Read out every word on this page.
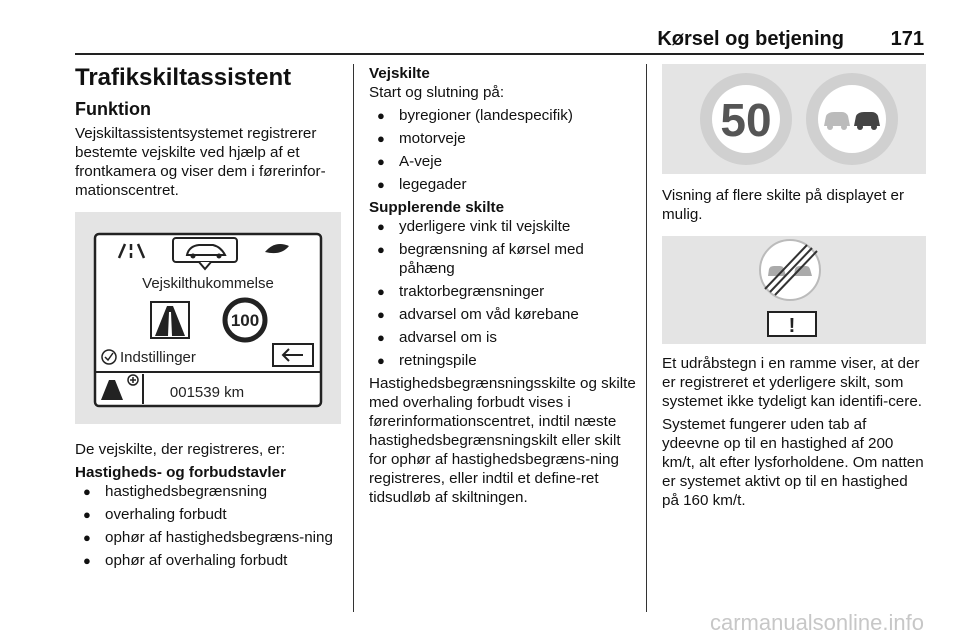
Kørsel og betjening 171
Trafikskiltassistent
Funktion

Vejskiltassistentsystemet registrerer bestemte vejskilte ved hjælp af et frontkamera og viser dem i førerinfor-mationscentret.

Vejskilthukommelse
100
Indstillinger
001539 km

De vejskilte, der registreres, er:

Hastigheds- og forbudstavler
● hastighedsbegrænsning
● overhaling forbudt
● ophør af hastighedsbegræns-ning
● ophør af overhaling forbudt
Vejskilte

Start og slutning på:

● byregioner (landespecifik)
● motorveje
● A-veje
● legegader
Supplerende skilte
● yderligere vink til vejskilte
● begrænsning af kørsel med påhæng
● traktorbegrænsninger
● advarsel om våd kørebane
● advarsel om is
● retningspile

Hastighedsbegrænsningsskilte og skilte med overhaling forbudt vises i førerinformationscentret, indtil næste hastighedsbegrænsningskilt eller skilt for ophør af hastighedsbegræns-ning registreres, eller indtil et define-ret tidsudløb af skiltningen.

50

Visning af flere skilte på displayet er mulig.

!

Et udråbstegn i en ramme viser, at der er registreret et yderligere skilt, som systemet ikke tydeligt kan identifi-cere.

Systemet fungerer uden tab af ydeevne op til en hastighed af 200 km/t, alt efter lysforholdene. Om natten er systemet aktivt op til en hastighed på 160 km/t.

carmanualsonline.info
